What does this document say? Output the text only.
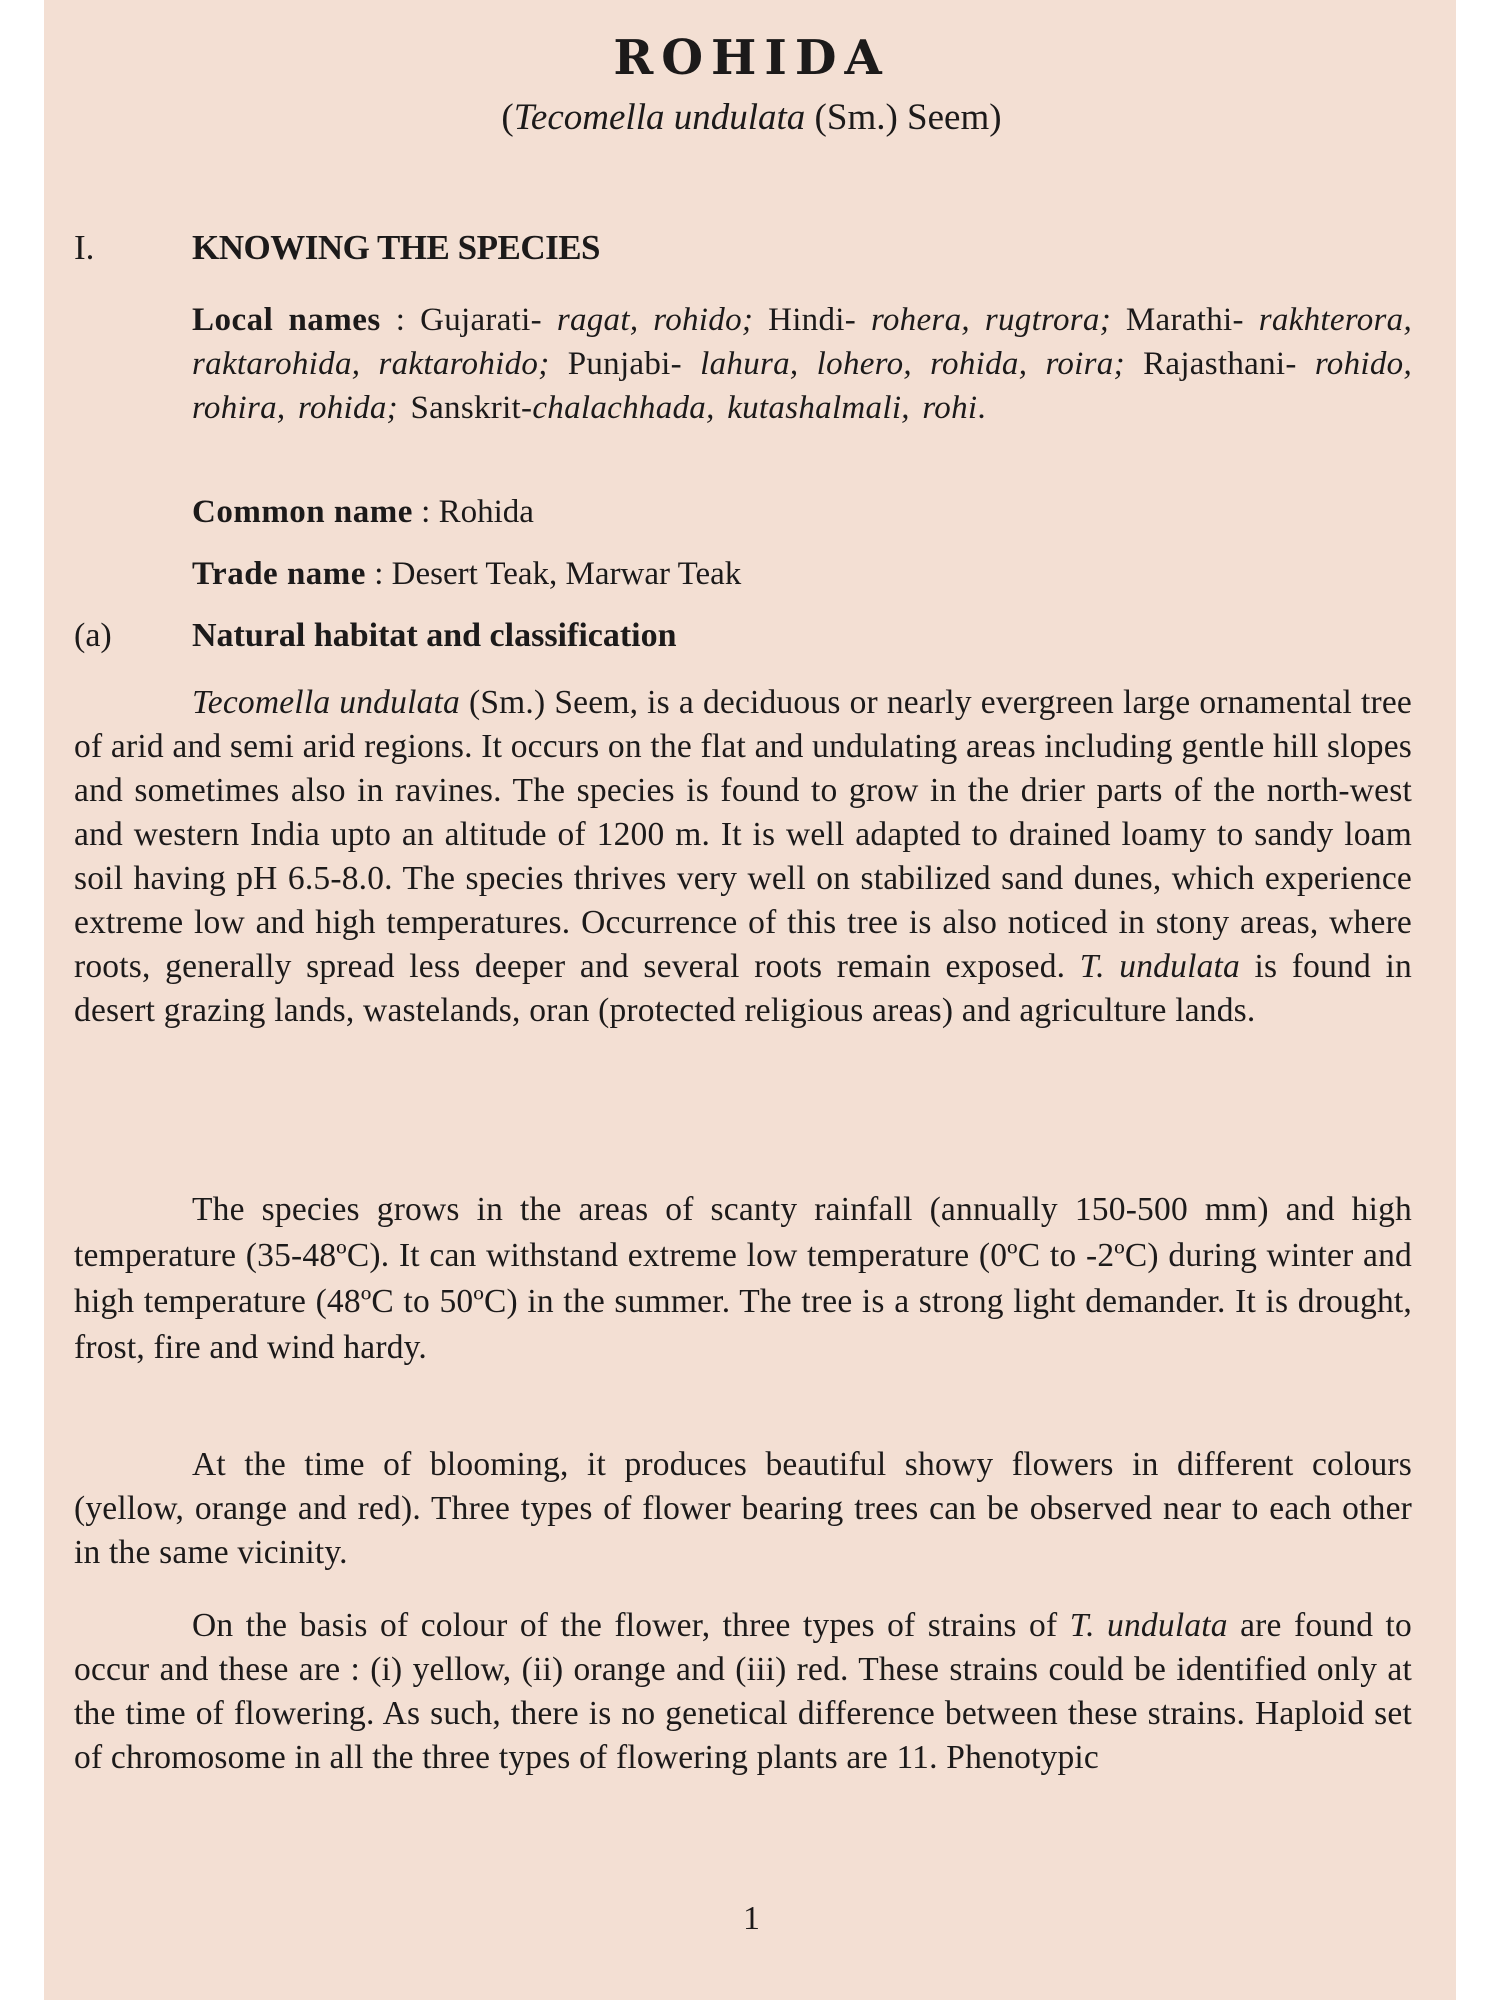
ROHIDA

(Tecomella undulata (Sm.) Seem)

I.	KNOWING THE SPECIES

Local names : Gujarati- ragat, rohido; Hindi- rohera, rugtrora; Marathi- rakhterora, raktarohida, raktarohido; Punjabi- lahura, lohero, rohida, roira; Rajasthani- rohido, rohira, rohida; Sanskrit-chalachhada, kutashalmali, rohi.

Common name : Rohida

Trade name : Desert Teak, Marwar Teak

(a) Natural habitat and classification

Tecomella undulata (Sm.) Seem, is a deciduous or nearly evergreen large ornamental tree of arid and semi arid regions. It occurs on the flat and undulating areas including gentle hill slopes and sometimes also in ravines. The species is found to grow in the drier parts of the north-west and western India upto an altitude of 1200 m. It is well adapted to drained loamy to sandy loam soil having pH 6.5-8.0. The species thrives very well on stabilized sand dunes, which experience extreme low and high temperatures. Occurrence of this tree is also noticed in stony areas, where roots, generally spread less deeper and several roots remain exposed. T. undulata is found in desert grazing lands, wastelands, oran (protected religious areas) and agriculture lands.

The species grows in the areas of scanty rainfall (annually 150-500 mm) and high temperature (35-48ºC). It can withstand extreme low temperature (0ºC to -2ºC) during winter and high temperature (48ºC to 50ºC) in the summer. The tree is a strong light demander. It is drought, frost, fire and wind hardy.

At the time of blooming, it produces beautiful showy flowers in different colours (yellow, orange and red). Three types of flower bearing trees can be observed near to each other in the same vicinity.

On the basis of colour of the flower, three types of strains of T. undulata are found to occur and these are : (i) yellow, (ii) orange and (iii) red. These strains could be identified only at the time of flowering. As such, there is no genetical difference between these strains. Haploid set of chromosome in all the three types of flowering plants are 11. Phenotypic

1
